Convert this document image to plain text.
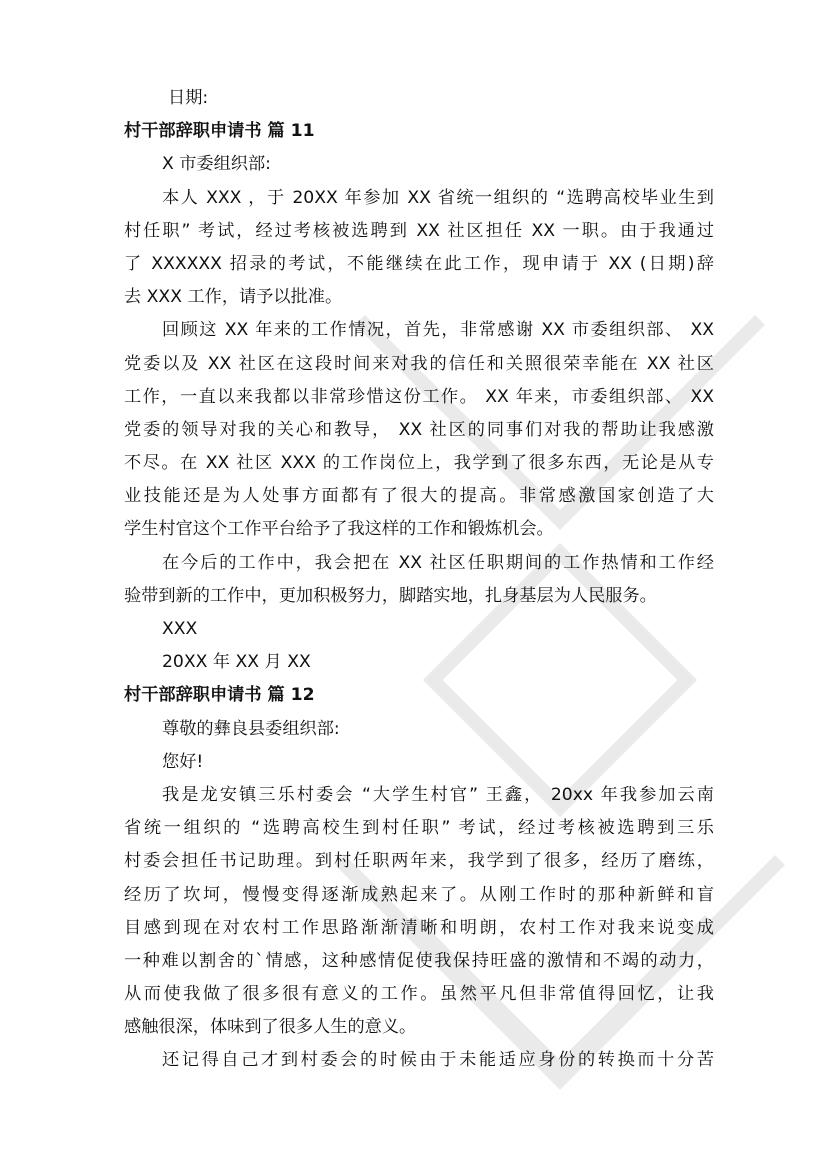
日期:
村干部辞职申请书 篇 11
X 市委组织部:
本人 XXX ，于 20XX 年参加 XX 省统一组织的 “选聘高校毕业生到
村任职” 考试，经过考核被选聘到 XX 社区担任 XX 一职。由于我通过
了 XXXXXX 招录的考试，不能继续在此工作，现申请于 XX (日期)辞
去 XXX 工作，请予以批准。
回顾这 XX 年来的工作情况，首先，非常感谢 XX 市委组织部、 XX
党委以及 XX 社区在这段时间来对我的信任和关照很荣幸能在 XX 社区
工作，一直以来我都以非常珍惜这份工作。 XX 年来，市委组织部、 XX
党委的领导对我的关心和教导， XX 社区的同事们对我的帮助让我感激
不尽。在 XX 社区 XXX 的工作岗位上，我学到了很多东西，无论是从专
业技能还是为人处事方面都有了很大的提高。非常感激国家创造了大
学生村官这个工作平台给予了我这样的工作和锻炼机会。
在今后的工作中，我会把在 XX 社区任职期间的工作热情和工作经
验带到新的工作中，更加积极努力，脚踏实地，扎身基层为人民服务。
XXX
20XX 年 XX 月 XX
村干部辞职申请书 篇 12
尊敬的彝良县委组织部:
您好!
我是龙安镇三乐村委会 “大学生村官” 王鑫， 20xx 年我参加云南
省统一组织的 “选聘高校生到村任职” 考试，经过考核被选聘到三乐
村委会担任书记助理。到村任职两年来，我学到了很多，经历了磨练，
经历了坎坷，慢慢变得逐渐成熟起来了。从刚工作时的那种新鲜和盲
目感到现在对农村工作思路渐渐清晰和明朗，农村工作对我来说变成
一种难以割舍的`情感，这种感情促使我保持旺盛的激情和不竭的动力，
从而使我做了很多很有意义的工作。虽然平凡但非常值得回忆，让我
感触很深，体味到了很多人生的意义。
还记得自己才到村委会的时候由于未能适应身份的转换而十分苦
